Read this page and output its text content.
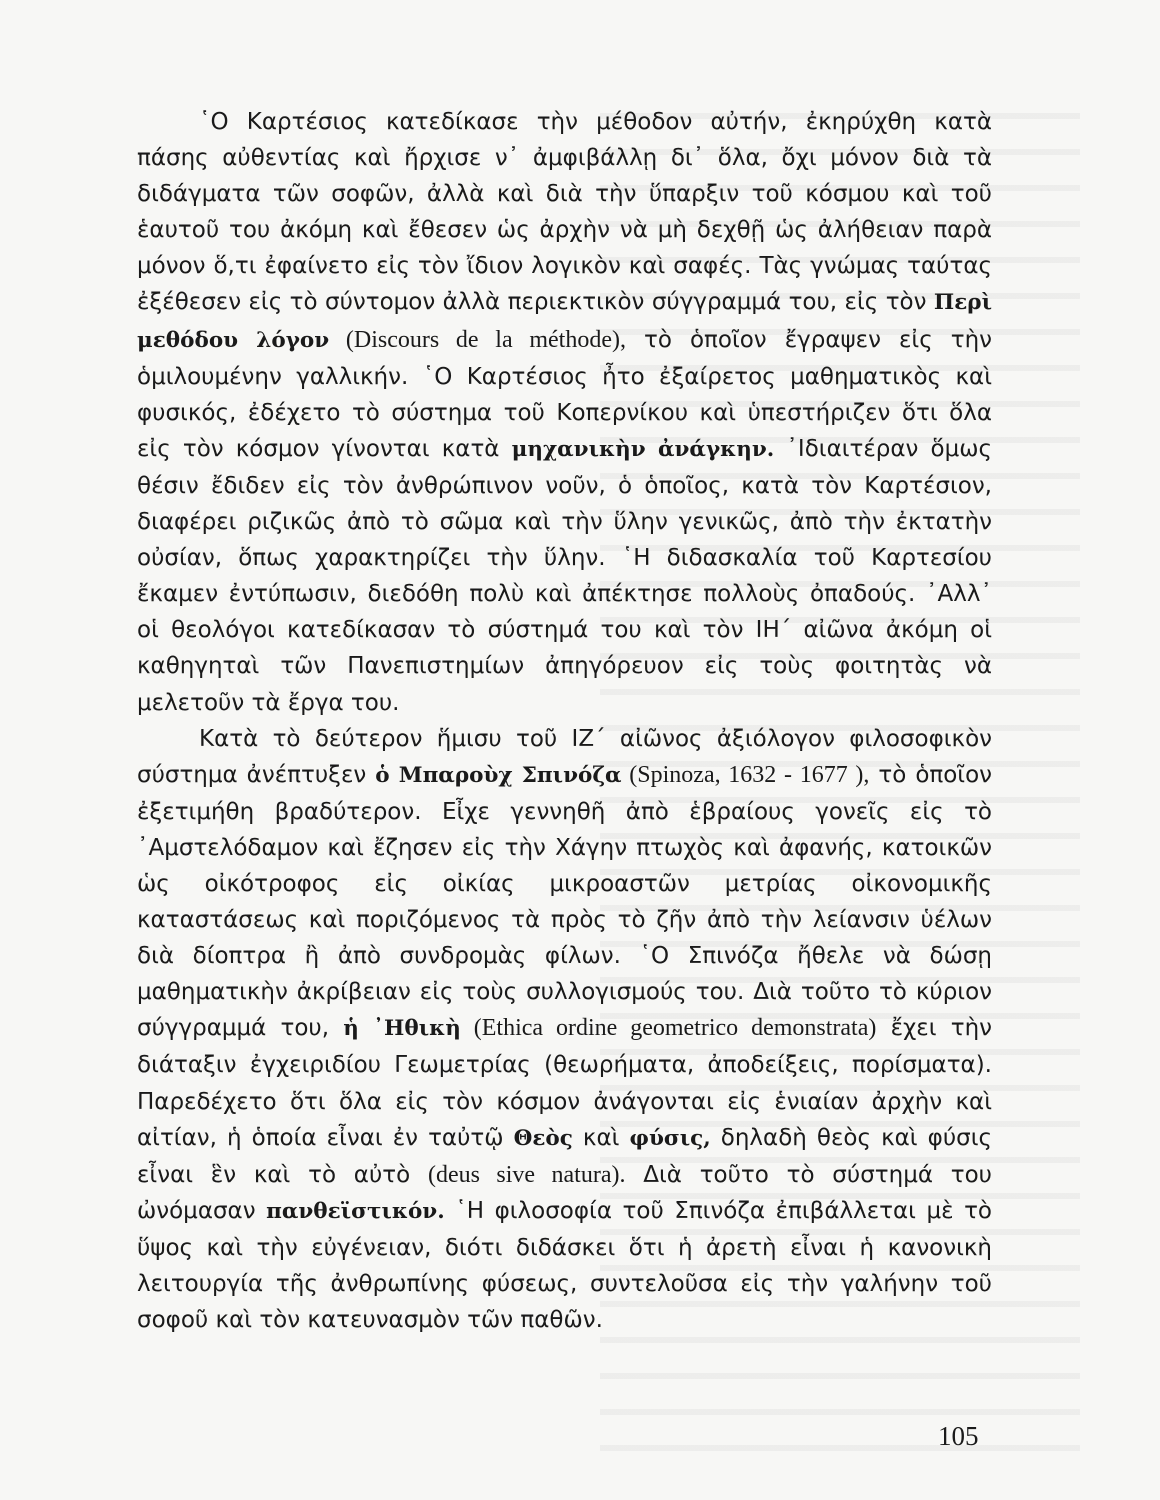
῾Ο Καρτέσιος κατεδίκασε τὴν μέθοδον αὐτήν, ἐκηρύχθη κατὰ πάσης αὐθεντίας καὶ ἤρχισε ν᾿ ἀμφιβάλλῃ δι᾿ ὅλα, ὄχι μόνον διὰ τὰ διδάγματα τῶν σοφῶν, ἀλλὰ καὶ διὰ τὴν ὕπαρξιν τοῦ κόσμου καὶ τοῦ ἑαυτοῦ του ἀκόμη καὶ ἔθεσεν ὡς ἀρχὴν νὰ μὴ δεχθῇ ὡς ἀλήθειαν παρὰ μόνον ὅ,τι ἐφαίνετο εἰς τὸν ἴδιον λογικὸν καὶ σαφές. Τὰς γνώμας ταύτας ἐξέθεσεν εἰς τὸ σύντομον ἀλλὰ περιεκτικὸν σύγγραμμά του, εἰς τὸν Περὶ μεθόδου λόγον (Discours de la méthode), τὸ ὁποῖον ἔγραψεν εἰς τὴν ὁμιλουμένην γαλλικήν. ῾Ο Καρτέσιος ἦτο ἐξαίρετος μαθηματικὸς καὶ φυσικός, ἐδέχετο τὸ σύστημα τοῦ Κοπερνίκου καὶ ὑπεστήριζεν ὅτι ὅλα εἰς τὸν κόσμον γίνονται κατὰ μηχανικὴν ἀνάγκην. ᾿Ιδιαιτέραν ὅμως θέσιν ἔδιδεν εἰς τὸν ἀνθρώπινον νοῦν, ὁ ὁποῖος, κατὰ τὸν Καρτέσιον, διαφέρει ριζικῶς ἀπὸ τὸ σῶμα καὶ τὴν ὕλην γενικῶς, ἀπὸ τὴν ἐκτατὴν οὐσίαν, ὅπως χαρακτηρίζει τὴν ὕλην. ῾Η διδασκαλία τοῦ Καρτεσίου ἔκαμεν ἐντύπωσιν, διεδόθη πολὺ καὶ ἀπέκτησε πολλοὺς ὀπαδούς. ᾿Αλλ᾿ οἱ θεολόγοι κατεδίκασαν τὸ σύστημά του καὶ τὸν ΙΗ΄ αἰῶνα ἀκόμη οἱ καθηγηταὶ τῶν Πανεπιστημίων ἀπηγόρευον εἰς τοὺς φοιτητὰς νὰ μελετοῦν τὰ ἔργα του.

Κατὰ τὸ δεύτερον ἥμισυ τοῦ ΙΖ΄ αἰῶνος ἀξιόλογον φιλοσοφικὸν σύστημα ἀνέπτυξεν ὁ Μπαροὺχ Σπινόζα (Spinoza, 1632 - 1677 ), τὸ ὁποῖον ἐξετιμήθη βραδύτερον. Εἶχε γεννηθῆ ἀπὸ ἑβραίους γονεῖς εἰς τὸ ᾿Αμστελόδαμον καὶ ἔζησεν εἰς τὴν Χάγην πτωχὸς καὶ ἀφανής, κατοικῶν ὡς οἰκότροφος εἰς οἰκίας μικροαστῶν μετρίας οἰκονομικῆς καταστάσεως καὶ ποριζόμενος τὰ πρὸς τὸ ζῆν ἀπὸ τὴν λείανσιν ὑέλων διὰ δίοπτρα ἢ ἀπὸ συνδρομὰς φίλων. ῾Ο Σπινόζα ἤθελε νὰ δώσῃ μαθηματικὴν ἀκρίβειαν εἰς τοὺς συλλογισμούς του. Διὰ τοῦτο τὸ κύριον σύγγραμμά του, ἡ ᾿Ηθικὴ (Ethica ordine geometrico demonstrata) ἔχει τὴν διάταξιν ἐγχειριδίου Γεωμετρίας (θεωρήματα, ἀποδείξεις, πορίσματα). Παρεδέχετο ὅτι ὅλα εἰς τὸν κόσμον ἀνάγονται εἰς ἑνιαίαν ἀρχὴν καὶ αἰτίαν, ἡ ὁποία εἶναι ἐν ταὐτῷ Θεὸς καὶ φύσις, δηλαδὴ θεὸς καὶ φύσις εἶναι ἓν καὶ τὸ αὐτὸ (deus sive natura). Διὰ τοῦτο τὸ σύστημά του ὠνόμασαν πανθεϊστικόν. ῾Η φιλοσοφία τοῦ Σπινόζα ἐπιβάλλεται μὲ τὸ ὕψος καὶ τὴν εὐγένειαν, διότι διδάσκει ὅτι ἡ ἀρετὴ εἶναι ἡ κανονικὴ λειτουργία τῆς ἀνθρωπίνης φύσεως, συντελοῦσα εἰς τὴν γαλήνην τοῦ σοφοῦ καὶ τὸν κατευνασμὸν τῶν παθῶν.

105
